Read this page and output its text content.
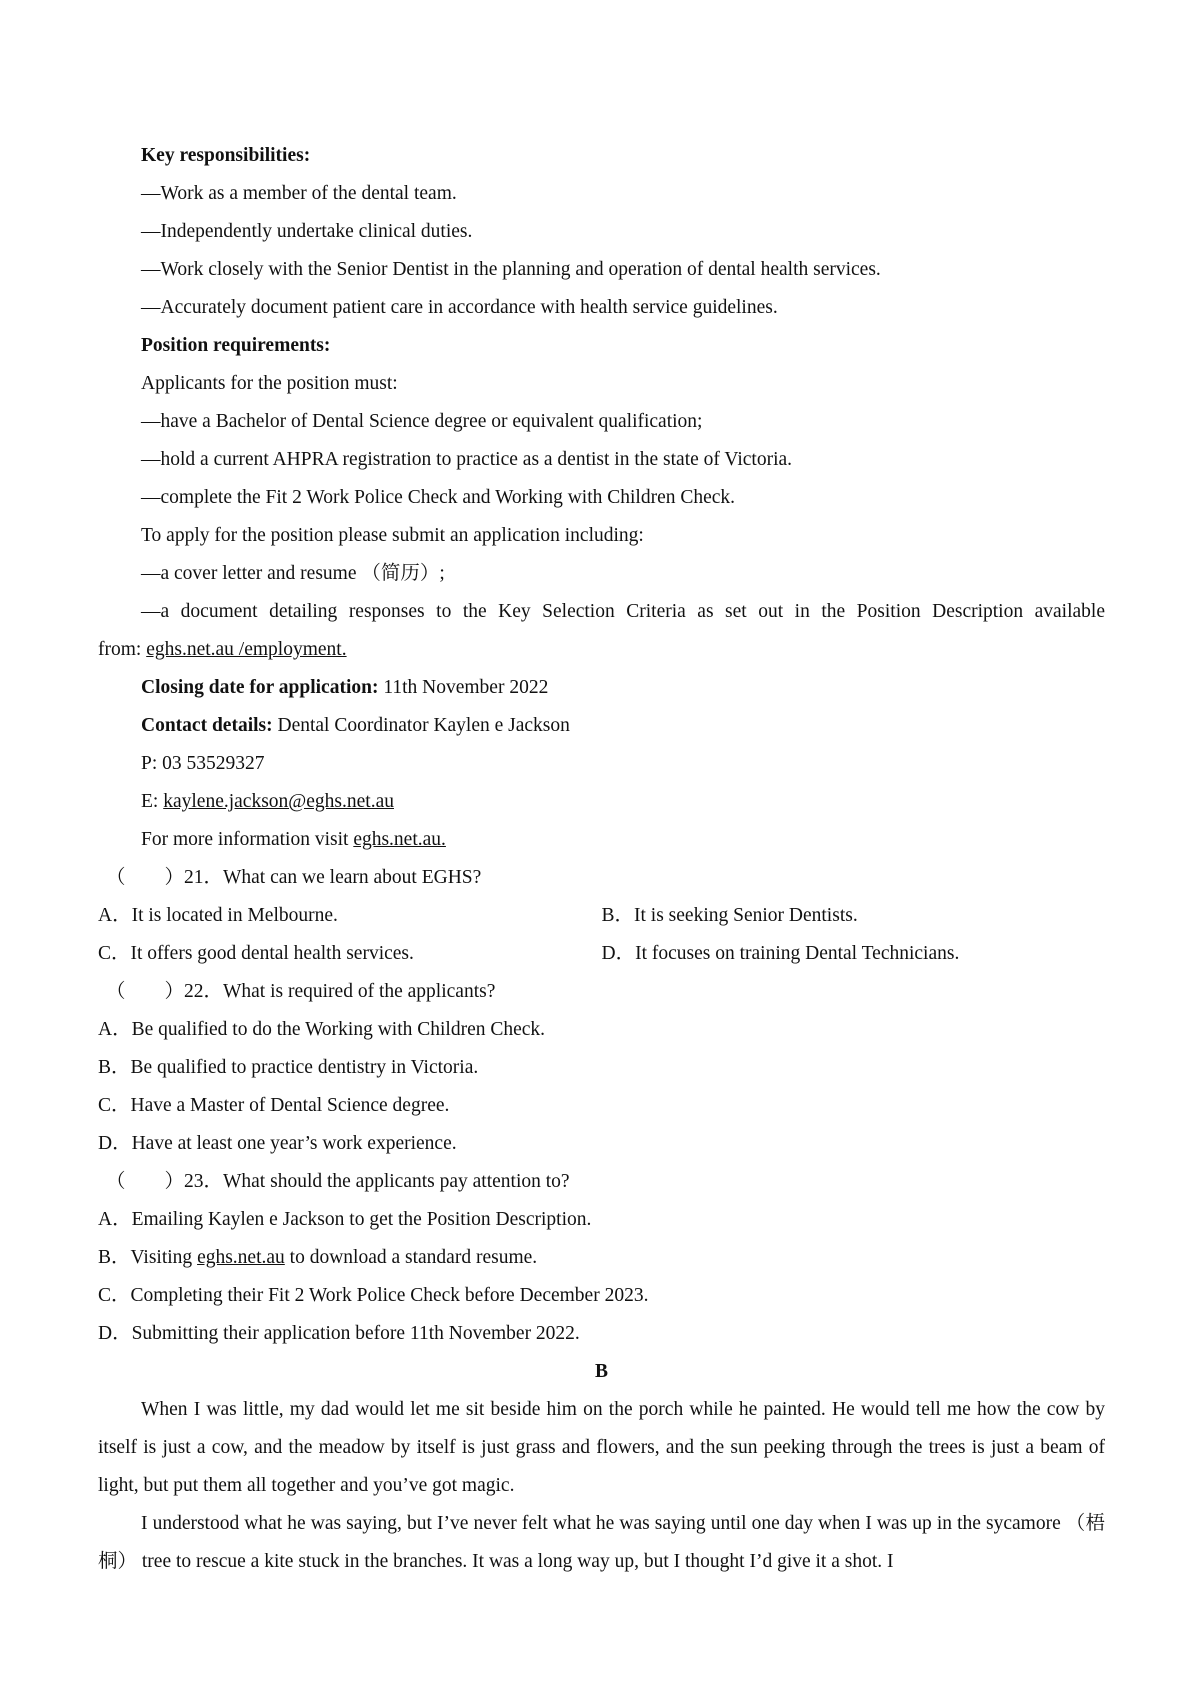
Key responsibilities:
—Work as a member of the dental team.
—Independently undertake clinical duties.
—Work closely with the Senior Dentist in the planning and operation of dental health services.
—Accurately document patient care in accordance with health service guidelines.
Position requirements:
Applicants for the position must:
—have a Bachelor of Dental Science degree or equivalent qualification;
—hold a current AHPRA registration to practice as a dentist in the state of Victoria.
—complete the Fit 2 Work Police Check and Working with Children Check.
To apply for the position please submit an application including:
—a cover letter and resume （简历）;
—a document detailing responses to the Key Selection Criteria as set out in the Position Description available
from: eghs.net.au /employment.
Closing date for application: 11th November 2022
Contact details: Dental Coordinator Kaylen e Jackson
P: 03 53529327
E: kaylene.jackson@eghs.net.au
For more information visit eghs.net.au.
（　　）21．What can we learn about EGHS?
A．It is located in Melbourne.	B．It is seeking Senior Dentists.
C．It offers good dental health services.	D．It focuses on training Dental Technicians.
（　　）22．What is required of the applicants?
A．Be qualified to do the Working with Children Check.
B．Be qualified to practice dentistry in Victoria.
C．Have a Master of Dental Science degree.
D．Have at least one year’s work experience.
（　　）23．What should the applicants pay attention to?
A．Emailing Kaylen e Jackson to get the Position Description.
B．Visiting eghs.net.au to download a standard resume.
C．Completing their Fit 2 Work Police Check before December 2023.
D．Submitting their application before 11th November 2022.
B

When I was little, my dad would let me sit beside him on the porch while he painted. He would tell me how the cow by itself is just a cow, and the meadow by itself is just grass and flowers, and the sun peeking through the trees is just a beam of light, but put them all together and you’ve got magic.

I understood what he was saying, but I’ve never felt what he was saying until one day when I was up in the sycamore （梧桐） tree to rescue a kite stuck in the branches. It was a long way up, but I thought I’d give it a shot. I
